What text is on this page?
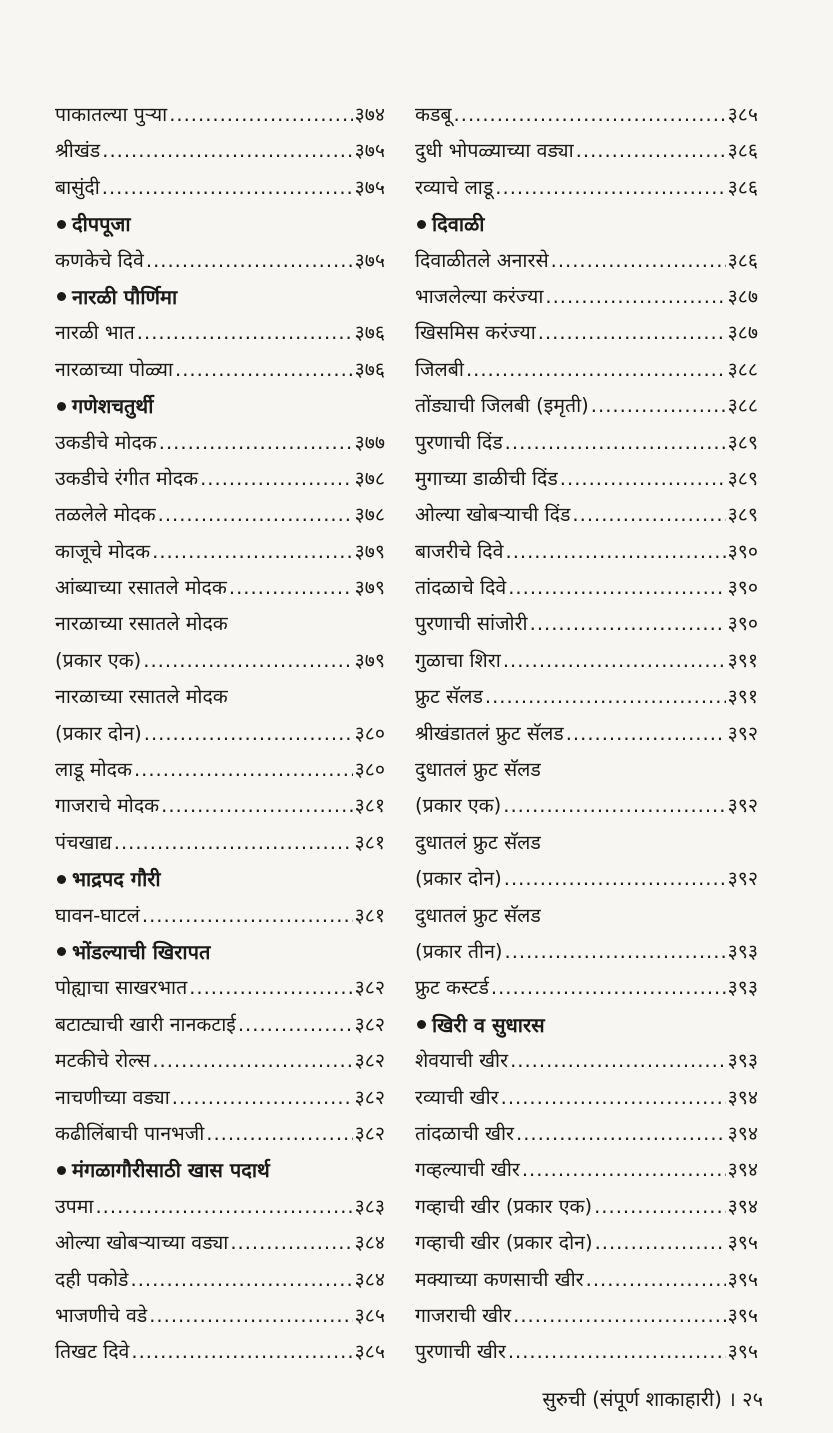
पाकातल्या पुऱ्या .....	३७४
श्रीखंड .....	३७५
बासुंदी .....	३७५
दीपपूजा
कणकेचे दिवे .....	३७५
नारळी पौर्णिमा
नारळी भात .....	३७६
नारळाच्या पोळ्या .....	३७६
गणेशचतुर्थी
उकडीचे मोदक .....	३७७
उकडीचे रंगीत मोदक .....	३७८
तळलेले मोदक .....	३७८
काजूचे मोदक .....	३७९
आंब्याच्या रसातले मोदक .....	३७९
नारळाच्या रसातले मोदक
(प्रकार एक) .....	३७९
नारळाच्या रसातले मोदक
(प्रकार दोन) .....	३८०
लाडू मोदक .....	३८०
गाजराचे मोदक .....	३८१
पंचखाद्य .....	३८१
भाद्रपद गौरी
घावन-घाटलं .....	३८१
भोंडल्याची खिरापत
पोह्याचा साखरभात .....	३८२
बटाट्याची खारी नानकटाई .....	३८२
मटकीचे रोल्स .....	३८२
नाचणीच्या वड्या .....	३८२
कढीलिंबाची पानभजी .....	३८२
मंगळागौरीसाठी खास पदार्थ
उपमा .....	३८३
ओल्या खोबऱ्याच्या वड्या .....	३८४
दही पकोडे .....	३८४
भाजणीचे वडे .....	३८५
तिखट दिवे .....	३८५
कडबू .....	३८५
दुधी भोपळ्याच्या वड्या .....	३८६
रव्याचे लाडू .....	३८६
दिवाळी
दिवाळीतले अनारसे .....	३८६
भाजलेल्या करंज्या .....	३८७
खिसमिस करंज्या .....	३८७
जिलबी .....	३८८
तोंड्याची जिलबी (इमृती) .....	३८८
पुरणाची दिंड .....	३८९
मुगाच्या डाळीची दिंड .....	३८९
ओल्या खोबऱ्याची दिंड .....	३८९
बाजरीचे दिवे .....	३९०
तांदळाचे दिवे .....	३९०
पुरणाची सांजोरी .....	३९०
गुळाचा शिरा .....	३९१
फ्रुट सॅलड .....	३९१
श्रीखंडातलं फ्रुट सॅलड .....	३९२
दुधातलं फ्रुट सॅलड
(प्रकार एक) .....	३९२
दुधातलं फ्रुट सॅलड
(प्रकार दोन) .....	३९२
दुधातलं फ्रुट सॅलड
(प्रकार तीन) .....	३९३
फ्रुट कस्टर्ड .....	३९३
खिरी व सुधारस
शेवयाची खीर .....	३९३
रव्याची खीर .....	३९४
तांदळाची खीर .....	३९४
गव्हल्याची खीर .....	३९४
गव्हाची खीर (प्रकार एक) .....	३९४
गव्हाची खीर (प्रकार दोन) .....	३९५
मक्याच्या कणसाची खीर .....	३९५
गाजराची खीर .....	३९५
पुरणाची खीर .....	३९५
सुरुची (संपूर्ण शाकाहारी) । २५
